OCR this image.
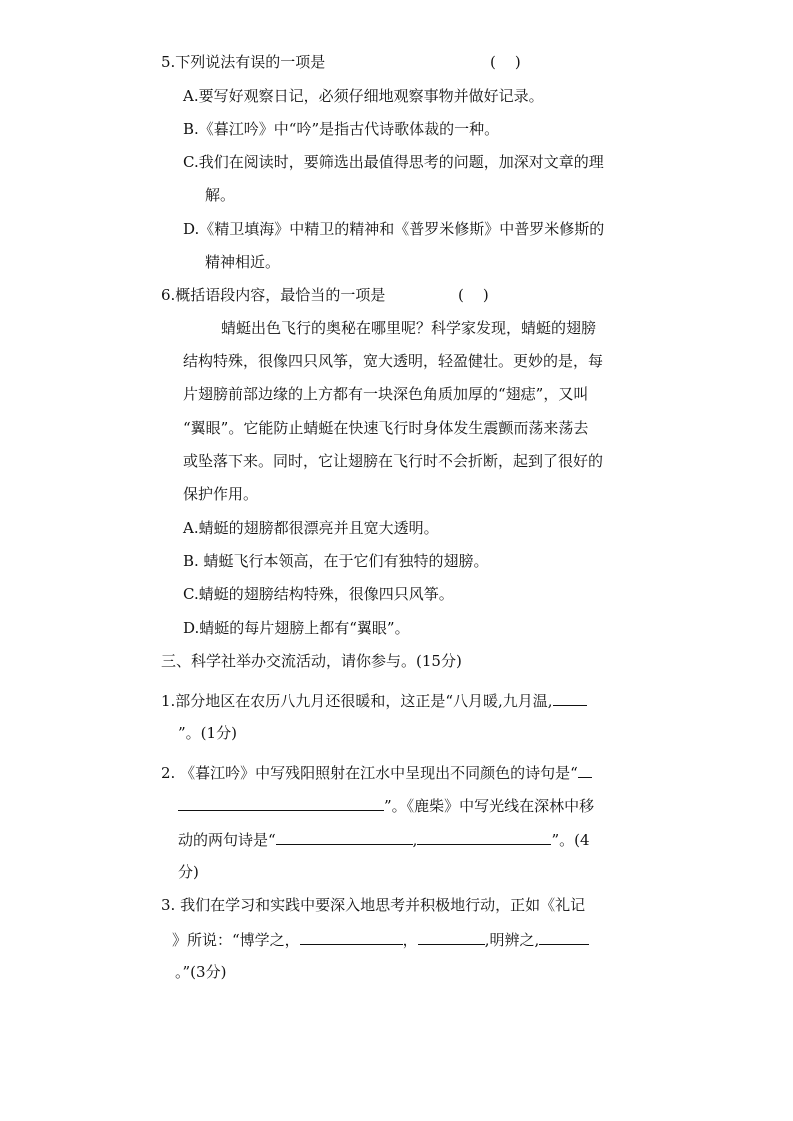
5.下列说法有误的一项是	(    )
A.要写好观察日记，必须仔细地观察事物并做好记录。
B.《暮江吟》中“吟”是指古代诗歌体裁的一种。
C.我们在阅读时，要筛选出最值得思考的问题，加深对文章的理
解。
D.《精卫填海》中精卫的精神和《普罗米修斯》中普罗米修斯的
精神相近。
6.概括语段内容，最恰当的一项是	(    )
蜻蜓出色飞行的奥秘在哪里呢？科学家发现，蜻蜓的翅膀
结构特殊，很像四只风筝，宽大透明，轻盈健壮。更妙的是，每
片翅膀前部边缘的上方都有一块深色角质加厚的“翅痣”，又叫
“翼眼”。它能防止蜻蜓在快速飞行时身体发生震颤而荡来荡去
或坠落下来。同时，它让翅膀在飞行时不会折断，起到了很好的
保护作用。
A.蜻蜓的翅膀都很漂亮并且宽大透明。
B. 蜻蜓飞行本领高，在于它们有独特的翅膀。
C.蜻蜓的翅膀结构特殊，很像四只风筝。
D.蜻蜓的每片翅膀上都有“翼眼”。
三、科学社举办交流活动，请你参与。(15分)
1.部分地区在农历八九月还很暖和，这正是“八月暖,九月温,
”。(1分)
2. 《暮江吟》中写残阳照射在江水中呈现出不同颜色的诗句是“
”。《鹿柴》中写光线在深林中移
动的两句诗是“	,	”。(4
分)
3. 我们在学习和实践中要深入地思考并积极地行动，正如《礼记
》所说：“博学之，	，	,明辨之,
。”(3分)
